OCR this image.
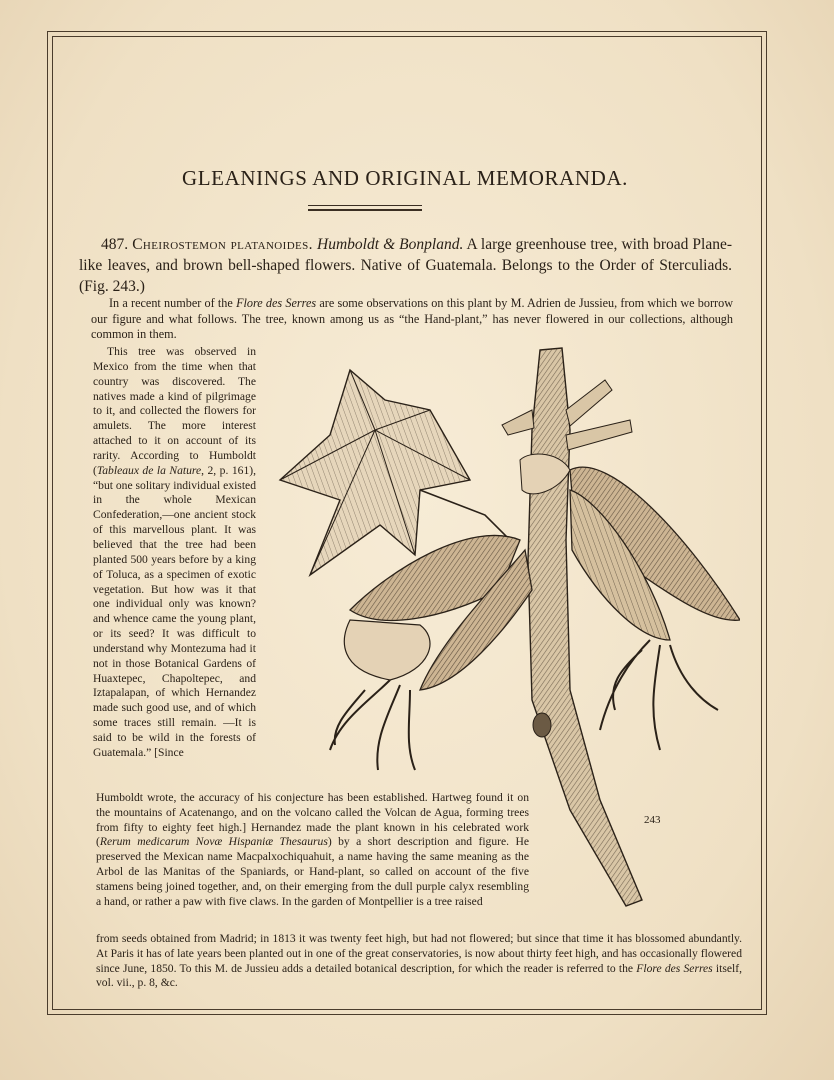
GLEANINGS AND ORIGINAL MEMORANDA.
487. Cheirostemon platanoides. Humboldt & Bonpland. A large greenhouse tree, with broad Plane-like leaves, and brown bell-shaped flowers. Native of Guatemala. Belongs to the Order of Sterculiads. (Fig. 243.)
In a recent number of the Flore des Serres are some observations on this plant by M. Adrien de Jussieu, from which we borrow our figure and what follows. The tree, known among us as “the Hand-plant,” has never flowered in our collections, although common in them.
This tree was observed in Mexico from the time when that country was discovered. The natives made a kind of pilgrimage to it, and collected the flowers for amulets. The more interest attached to it on account of its rarity. According to Humboldt (Tableaux de la Nature, 2, p. 161), “but one solitary individual existed in the whole Mexican Confederation,—one ancient stock of this marvellous plant. It was believed that the tree had been planted 500 years before by a king of Toluca, as a specimen of exotic vegetation. But how was it that one individual only was known? and whence came the young plant, or its seed? It was difficult to understand why Montezuma had it not in those Botanical Gardens of Huaxtepec, Chapoltepec, and Iztapalapan, of which Hernandez made such good use, and of which some traces still remain. —It is said to be wild in the forests of Guatemala.” [Since
Humboldt wrote, the accuracy of his conjecture has been established. Hartweg found it on the mountains of Acatenango, and on the volcano called the Volcan de Agua, forming trees from fifty to eighty feet high.] Hernandez made the plant known in his celebrated work (Rerum medicarum Novæ Hispaniæ Thesaurus) by a short description and figure. He preserved the Mexican name Macpalxochiquahuit, a name having the same meaning as the Arbol de las Manitas of the Spaniards, or Hand-plant, so called on account of the five stamens being joined together, and, on their emerging from the dull purple calyx resembling a hand, or rather a paw with five claws. In the garden of Montpellier is a tree raised
from seeds obtained from Madrid; in 1813 it was twenty feet high, but had not flowered; but since that time it has blossomed abundantly. At Paris it has of late years been planted out in one of the great conservatories, is now about thirty feet high, and has occasionally flowered since June, 1850. To this M. de Jussieu adds a detailed botanical description, for which the reader is referred to the Flore des Serres itself, vol. vii., p. 8, &c.
243
